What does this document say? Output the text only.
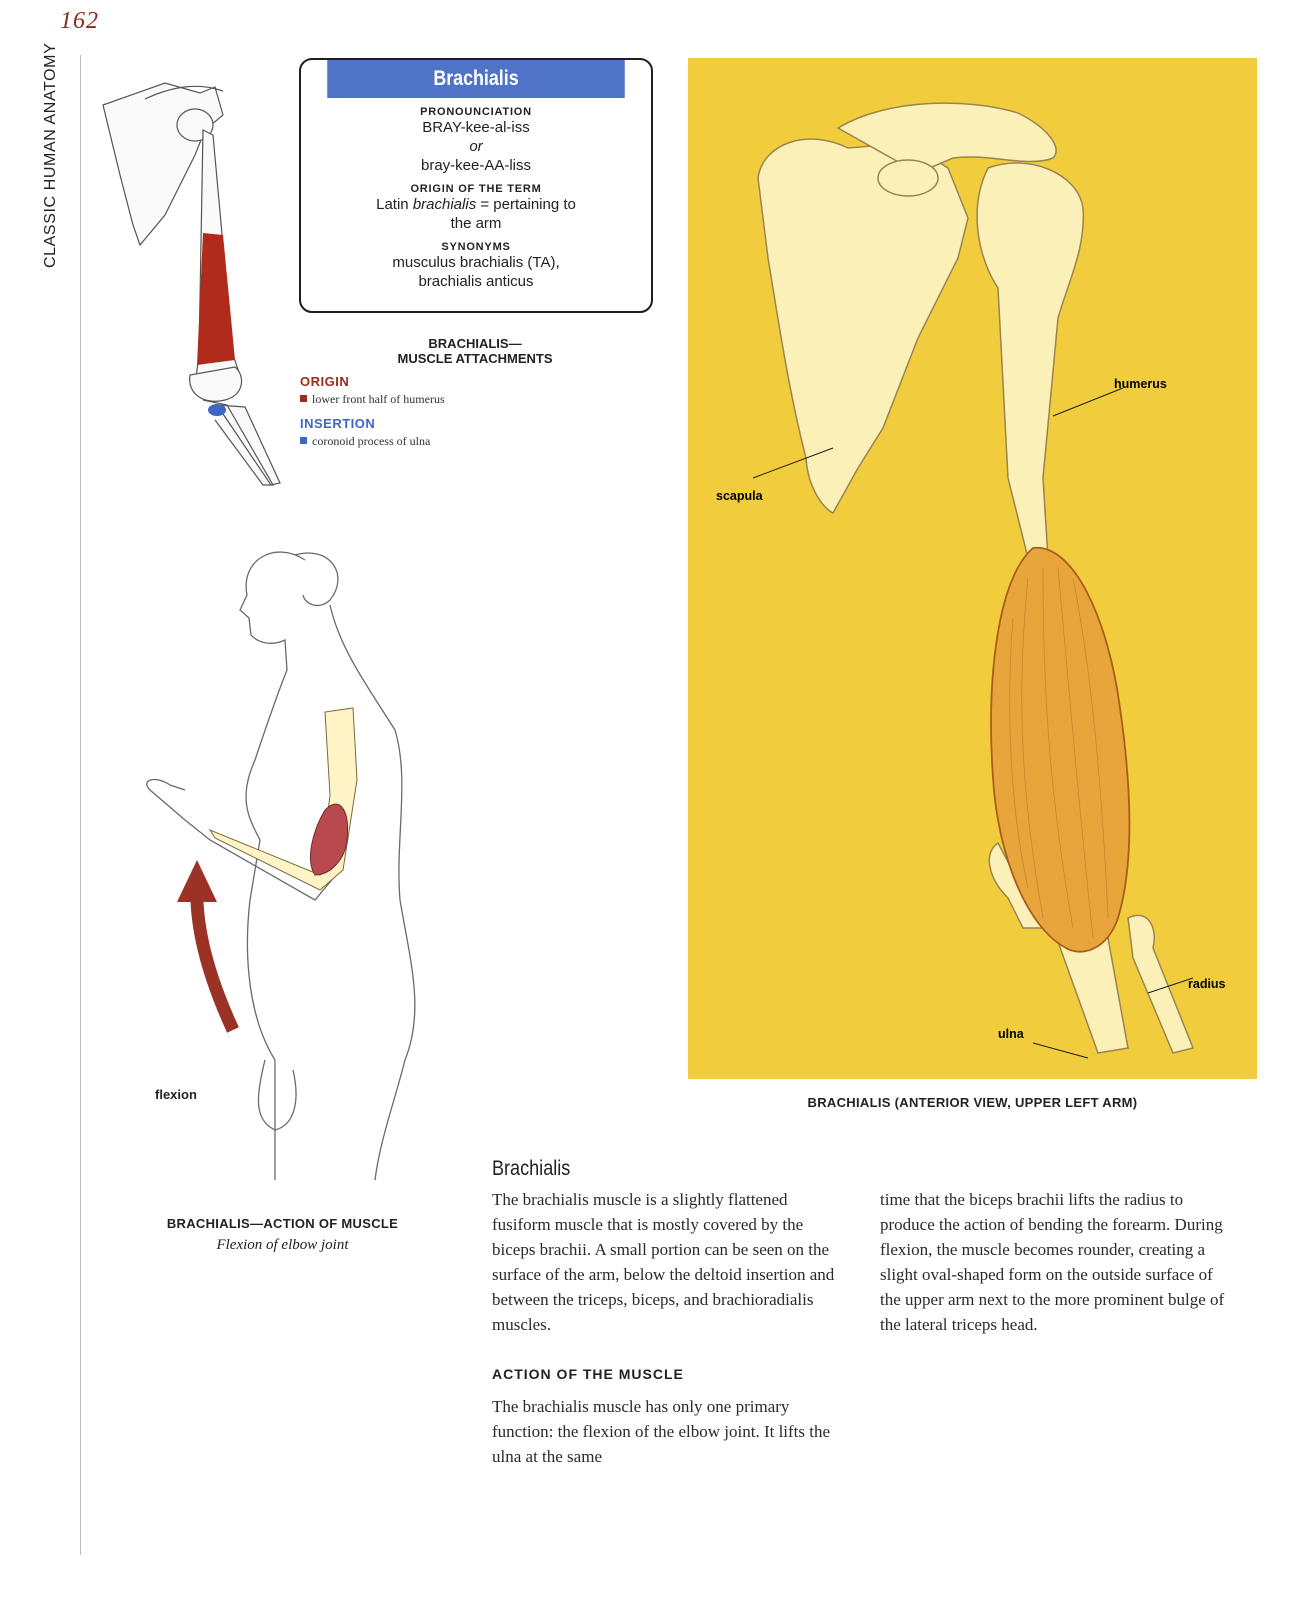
162
CLASSIC HUMAN ANATOMY	Brachialis
PRONOUNCIATION
BRAY-kee-al-iss
or
bray-kee-AA-liss
ORIGIN OF THE TERM
Latin brachialis = pertaining to
the arm
SYNONYMS
musculus brachialis (TA),
brachialis anticus
BRACHIALIS—
MUSCLE ATTACHMENTS
ORIGIN
lower front half of humerus
INSERTION
coronoid process of ulna
flexion
BRACHIALIS—ACTION OF MUSCLE
Flexion of elbow joint
humerus
scapula
radius
ulna
BRACHIALIS (ANTERIOR VIEW, UPPER LEFT ARM)
Brachialis
The brachialis muscle is a slightly flattened fusiform muscle that is mostly covered by the biceps brachii. A small portion can be seen on the surface of the arm, below the deltoid insertion and between the triceps, biceps, and brachioradialis muscles.
ACTION OF THE MUSCLE
The brachialis muscle has only one primary function: the flexion of the elbow joint. It lifts the ulna at the same
time that the biceps brachii lifts the radius to produce the action of bending the forearm. During flexion, the muscle becomes rounder, creating a slight oval-shaped form on the outside surface of the upper arm next to the more prominent bulge of the lateral triceps head.
